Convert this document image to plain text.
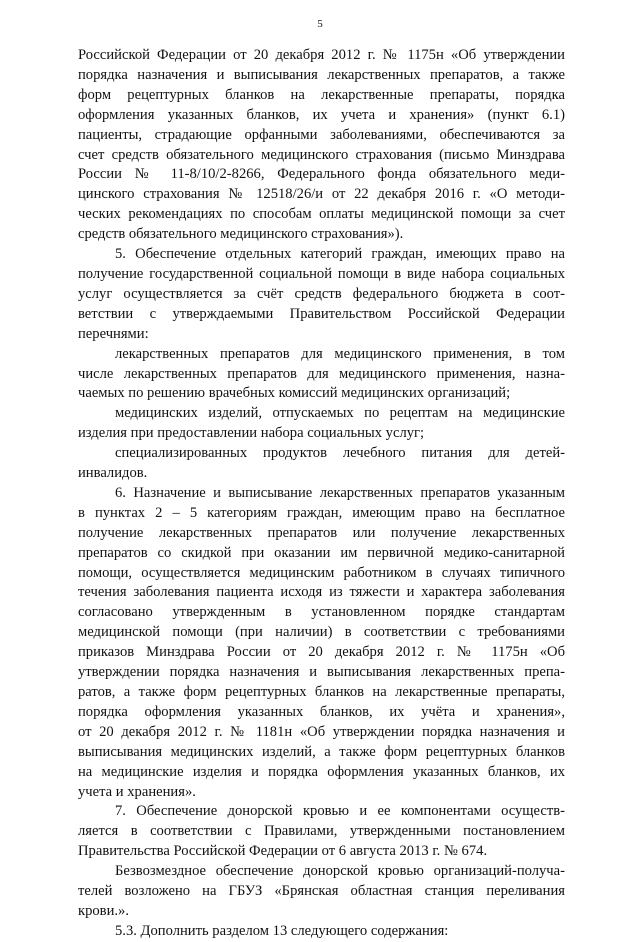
5
Российской Федерации от 20 декабря 2012 г. № 1175н «Об утверждении
порядка назначения и выписывания лекарственных препаратов, а также
форм рецептурных бланков на лекарственные препараты, порядка
оформления указанных бланков, их учета и хранения» (пункт 6.1)
пациенты, страдающие орфанными заболеваниями, обеспечиваются за
счет средств обязательного медицинского страхования (письмо Минздрава
России № 11-8/10/2-8266, Федерального фонда обязательного меди-
цинского страхования № 12518/26/и от 22 декабря 2016 г. «О методи-
ческих рекомендациях по способам оплаты медицинской помощи за счет
средств обязательного медицинского страхования»).
5. Обеспечение отдельных категорий граждан, имеющих право на
получение государственной социальной помощи в виде набора социальных
услуг осуществляется за счёт средств федерального бюджета в соот-
ветствии с утверждаемыми Правительством Российской Федерации
перечнями:
лекарственных препаратов для медицинского применения, в том
числе лекарственных препаратов для медицинского применения, назна-
чаемых по решению врачебных комиссий медицинских организаций;
медицинских изделий, отпускаемых по рецептам на медицинские
изделия при предоставлении набора социальных услуг;
специализированных продуктов лечебного питания для детей-
инвалидов.
6. Назначение и выписывание лекарственных препаратов указанным
в пунктах 2 – 5 категориям граждан, имеющим право на бесплатное
получение лекарственных препаратов или получение лекарственных
препаратов со скидкой при оказании им первичной медико-санитарной
помощи, осуществляется медицинским работником в случаях типичного
течения заболевания пациента исходя из тяжести и характера заболевания
согласовано утвержденным в установленном порядке стандартам
медицинской помощи (при наличии) в соответствии с требованиями
приказов Минздрава России от 20 декабря 2012 г. № 1175н «Об
утверждении порядка назначения и выписывания лекарственных препа-
ратов, а также форм рецептурных бланков на лекарственные препараты,
порядка оформления указанных бланков, их учёта и хранения»,
от 20 декабря 2012 г. № 1181н «Об утверждении порядка назначения и
выписывания медицинских изделий, а также форм рецептурных бланков
на медицинские изделия и порядка оформления указанных бланков, их
учета и хранения».
7. Обеспечение донорской кровью и ее компонентами осуществ-
ляется в соответствии с Правилами, утвержденными постановлением
Правительства Российской Федерации от 6 августа 2013 г. № 674.
Безвозмездное обеспечение донорской кровью организаций-получа-
телей возложено на ГБУЗ «Брянская областная станция переливания
крови.».
5.3. Дополнить разделом 13 следующего содержания:
